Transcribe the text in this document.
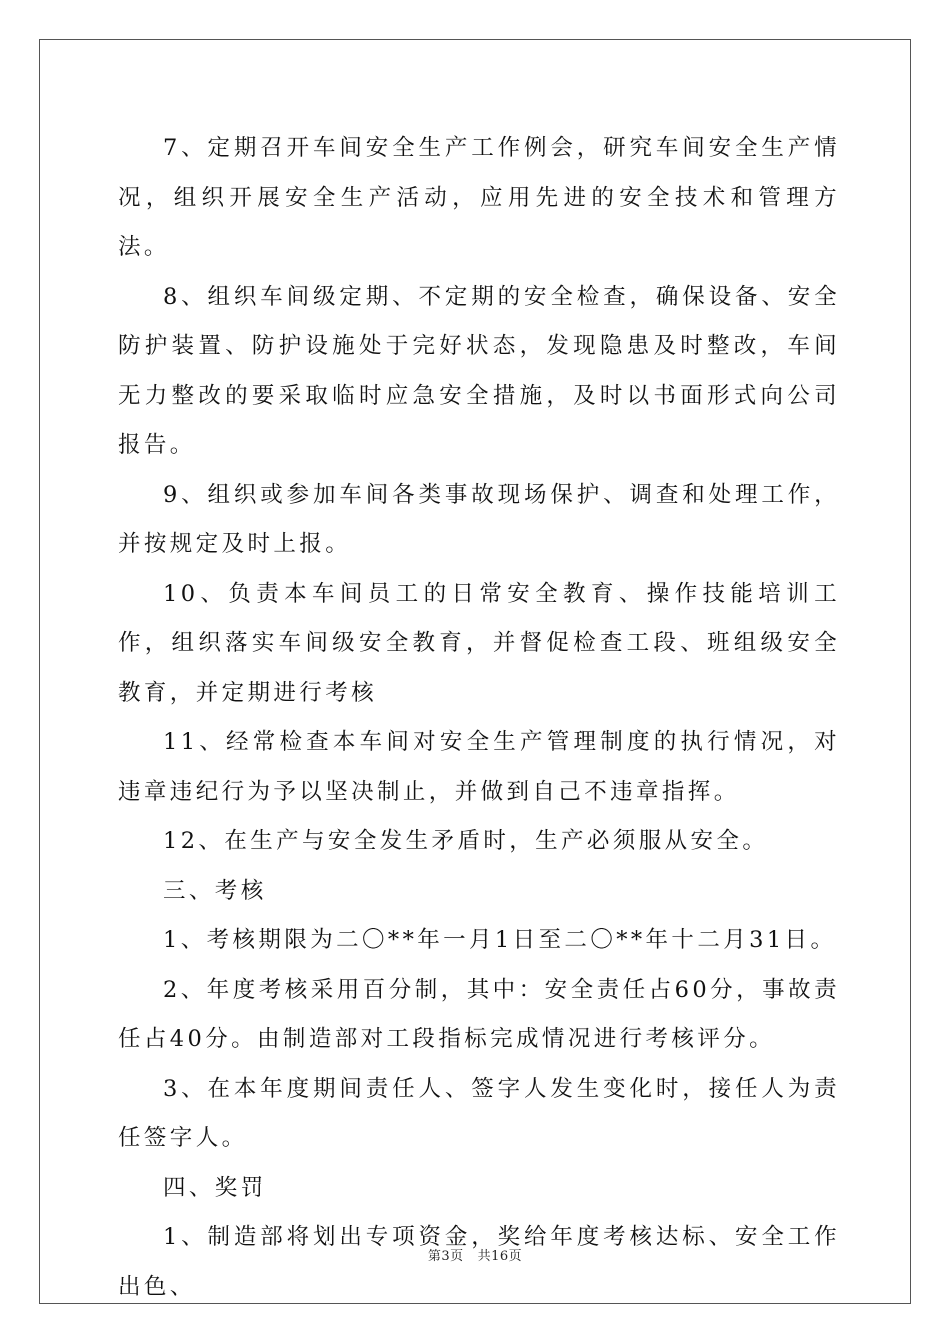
7、定期召开车间安全生产工作例会，研究车间安全生产情况，组织开展安全生产活动，应用先进的安全技术和管理方法。

8、组织车间级定期、不定期的安全检查，确保设备、安全防护装置、防护设施处于完好状态，发现隐患及时整改，车间无力整改的要采取临时应急安全措施，及时以书面形式向公司报告。

9、组织或参加车间各类事故现场保护、调查和处理工作，并按规定及时上报。

10、负责本车间员工的日常安全教育、操作技能培训工作，组织落实车间级安全教育，并督促检查工段、班组级安全教育，并定期进行考核

11、经常检查本车间对安全生产管理制度的执行情况，对违章违纪行为予以坚决制止，并做到自己不违章指挥。

12、在生产与安全发生矛盾时，生产必须服从安全。

三、考核

1、考核期限为二〇**年一月1日至二〇**年十二月31日。

2、年度考核采用百分制，其中：安全责任占60分，事故责任占40分。由制造部对工段指标完成情况进行考核评分。

3、在本年度期间责任人、签字人发生变化时，接任人为责任签字人。

四、奖罚

1、制造部将划出专项资金，奖给年度考核达标、安全工作出色、

第3页 共16页
